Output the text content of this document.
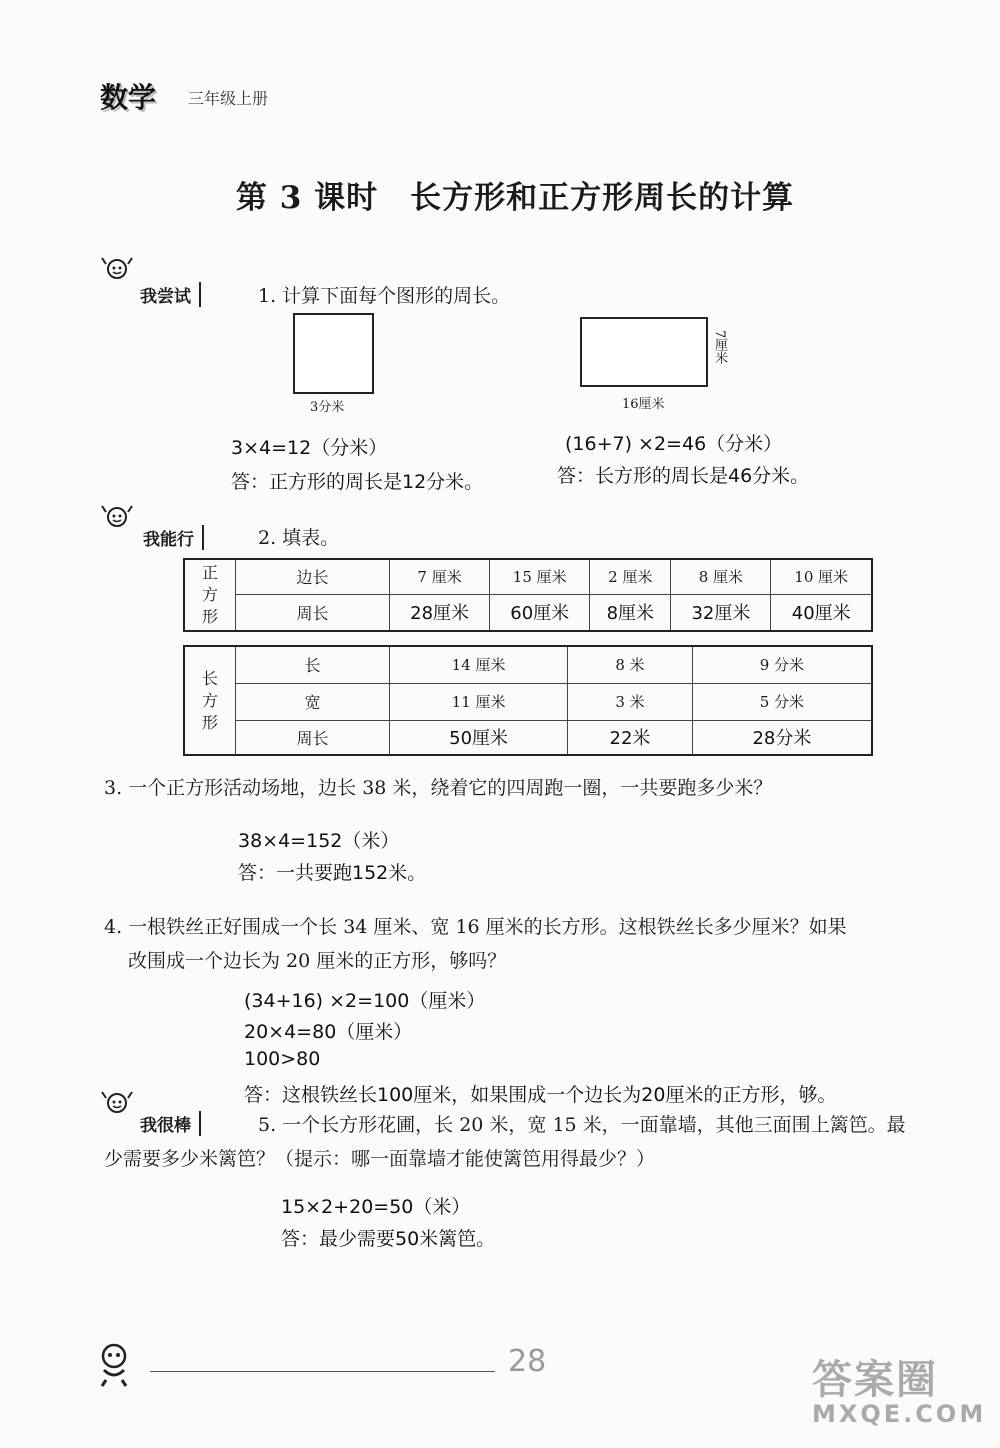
数学 三年级上册
第 3 课时　长方形和正方形周长的计算
我尝试	1. 计算下面每个图形的周长。
3分米	16厘米
7厘米
3×4=12（分米）
答：正方形的周长是12分米。
(16+7) ×2=46（分米）
答：长方形的周长是46分米。
我能行	2. 填表。
正方形	边长	7 厘米	15 厘米	2 厘米	8 厘米	10 厘米
	周长	28厘米	60厘米	8厘米	32厘米	40厘米
长方形	长	14 厘米	8 米	9 分米
	宽	11 厘米	3 米	5 分米
	周长	50厘米	22米	28分米
3. 一个正方形活动场地，边长 38 米，绕着它的四周跑一圈，一共要跑多少米？
38×4=152（米）
答：一共要跑152米。
4. 一根铁丝正好围成一个长 34 厘米、宽 16 厘米的长方形。这根铁丝长多少厘米？如果
改围成一个边长为 20 厘米的正方形，够吗？
(34+16) ×2=100（厘米）
20×4=80（厘米）
100>80
答：这根铁丝长100厘米，如果围成一个边长为20厘米的正方形，够。
我很棒	5. 一个长方形花圃，长 20 米，宽 15 米，一面靠墙，其他三面围上篱笆。最
少需要多少米篱笆？（提示：哪一面靠墙才能使篱笆用得最少？）
15×2+20=50（米）
答：最少需要50米篱笆。
28	答案圈
MXQE.COM
